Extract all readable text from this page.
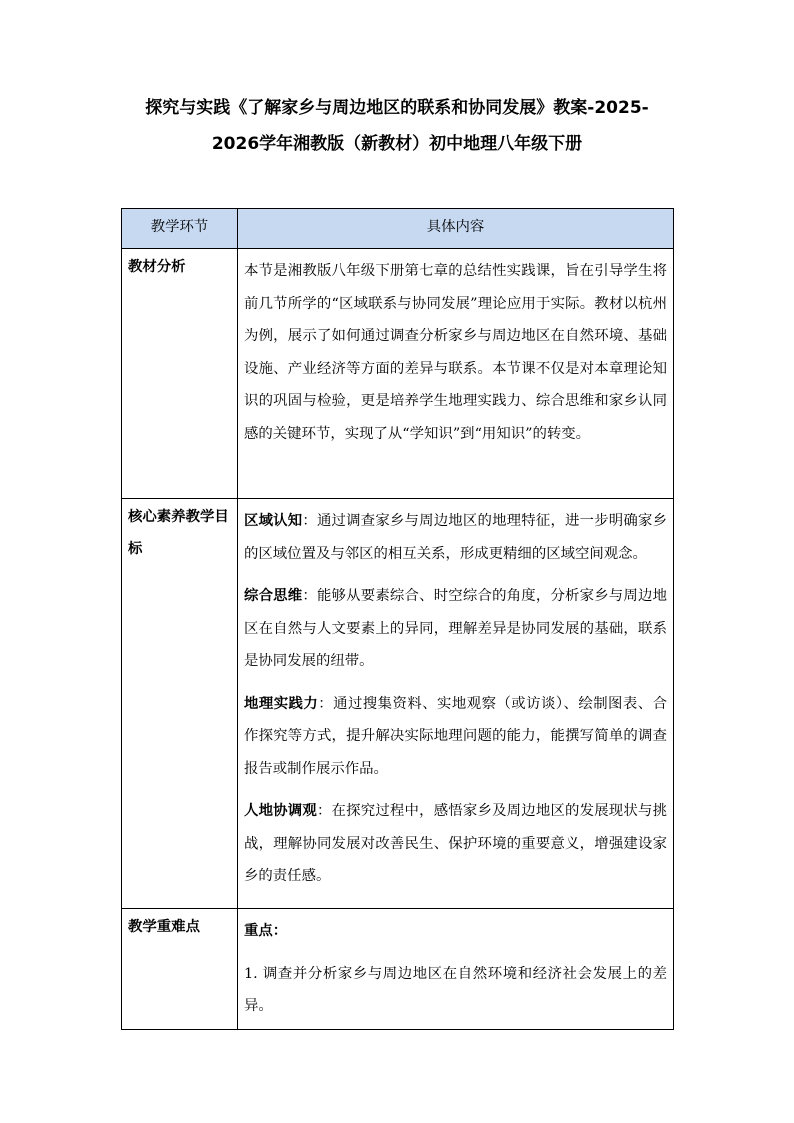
探究与实践《了解家乡与周边地区的联系和协同发展》教案-2025-
2026学年湘教版（新教材）初中地理八年级下册
教学环节	具体内容
教材分析	本节是湘教版八年级下册第七章的总结性实践课，旨在引导学生将前几节所学的“区域联系与协同发展”理论应用于实际。教材以杭州为例，展示了如何通过调查分析家乡与周边地区在自然环境、基础设施、产业经济等方面的差异与联系。本节课不仅是对本章理论知识的巩固与检验，更是培养学生地理实践力、综合思维和家乡认同感的关键环节，实现了从“学知识”到“用知识”的转变。

核心素养教学目标	区域认知：通过调查家乡与周边地区的地理特征，进一步明确家乡的区域位置及与邻区的相互关系，形成更精细的区域空间观念。

综合思维：能够从要素综合、时空综合的角度，分析家乡与周边地区在自然与人文要素上的异同，理解差异是协同发展的基础，联系是协同发展的纽带。

地理实践力：通过搜集资料、实地观察（或访谈）、绘制图表、合作探究等方式，提升解决实际地理问题的能力，能撰写简单的调查报告或制作展示作品。

人地协调观：在探究过程中，感悟家乡及周边地区的发展现状与挑战，理解协同发展对改善民生、保护环境的重要意义，增强建设家乡的责任感。

教学重难点	重点：

1. 调查并分析家乡与周边地区在自然环境和经济社会发展上的差异。
